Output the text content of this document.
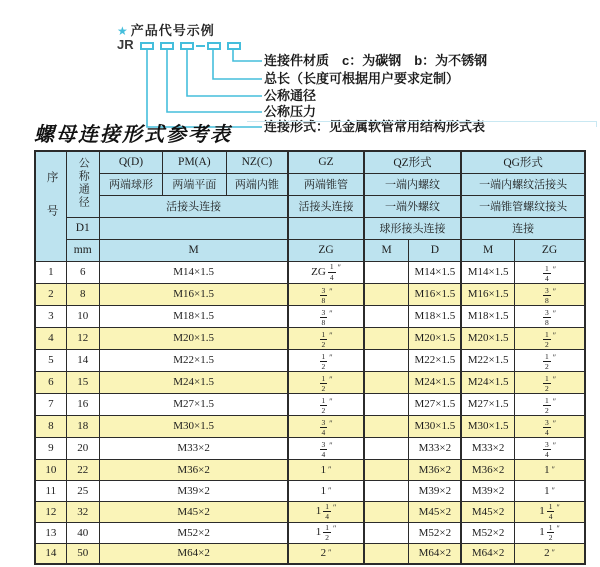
★ 产品代号示例
JR
连接件材质　c：为碳钢　b：为不锈钢
总长（长度可根据用户要求定制）
公称通径
公称压力
连接形式：见金属软管常用结构形式表
螺母连接形式参考表
序号	公称通径	Q(D)	PM(A)	NZ(C)	GZ	QZ形式		QG形式	
		两端球形	两端平面	两端内锥	两端锥管	一端内螺纹		一端内螺纹活接头	
		活接头连接			活接头连接	一端外螺纹		一端锥管螺纹接头	
	D1					球形接头连接		连接	
	mm	M			ZG	M	D	M	ZG
1	6	M14×1.5			ZG $\frac{1}{4}$ ″		M14×1.5	M14×1.5	$\frac{1}{4}$ ″

2	8	M16×1.5			$\frac{3}{8}$ ″		M16×1.5	M16×1.5	$\frac{3}{8}$ ″

3	10	M18×1.5			$\frac{3}{8}$ ″		M18×1.5	M18×1.5	$\frac{3}{8}$ ″

4	12	M20×1.5			$\frac{1}{2}$ ″		M20×1.5	M20×1.5	$\frac{1}{2}$ ″

5	14	M22×1.5			$\frac{1}{2}$ ″		M22×1.5	M22×1.5	$\frac{1}{2}$ ″

6	15	M24×1.5			$\frac{1}{2}$ ″		M24×1.5	M24×1.5	$\frac{1}{2}$ ″

7	16	M27×1.5			$\frac{1}{2}$ ″		M27×1.5	M27×1.5	$\frac{1}{2}$ ″

8	18	M30×1.5			$\frac{3}{4}$ ″		M30×1.5	M30×1.5	$\frac{3}{4}$ ″

9	20	M33×2			$\frac{3}{4}$ ″		M33×2	M33×2	$\frac{3}{4}$ ″

10	22	M36×2			1 ″		M36×2	M36×2	1 ″

11	25	M39×2			1 ″		M39×2	M39×2	1 ″

12	32	M45×2			$1 \frac{1}{4}$ ″		M45×2	M45×2	$1 \frac{1}{4}$ ″

13	40	M52×2			$1 \frac{1}{2}$ ″		M52×2	M52×2	$1 \frac{1}{2}$ ″

14	50	M64×2			2 ″		M64×2	M64×2	2 ″
